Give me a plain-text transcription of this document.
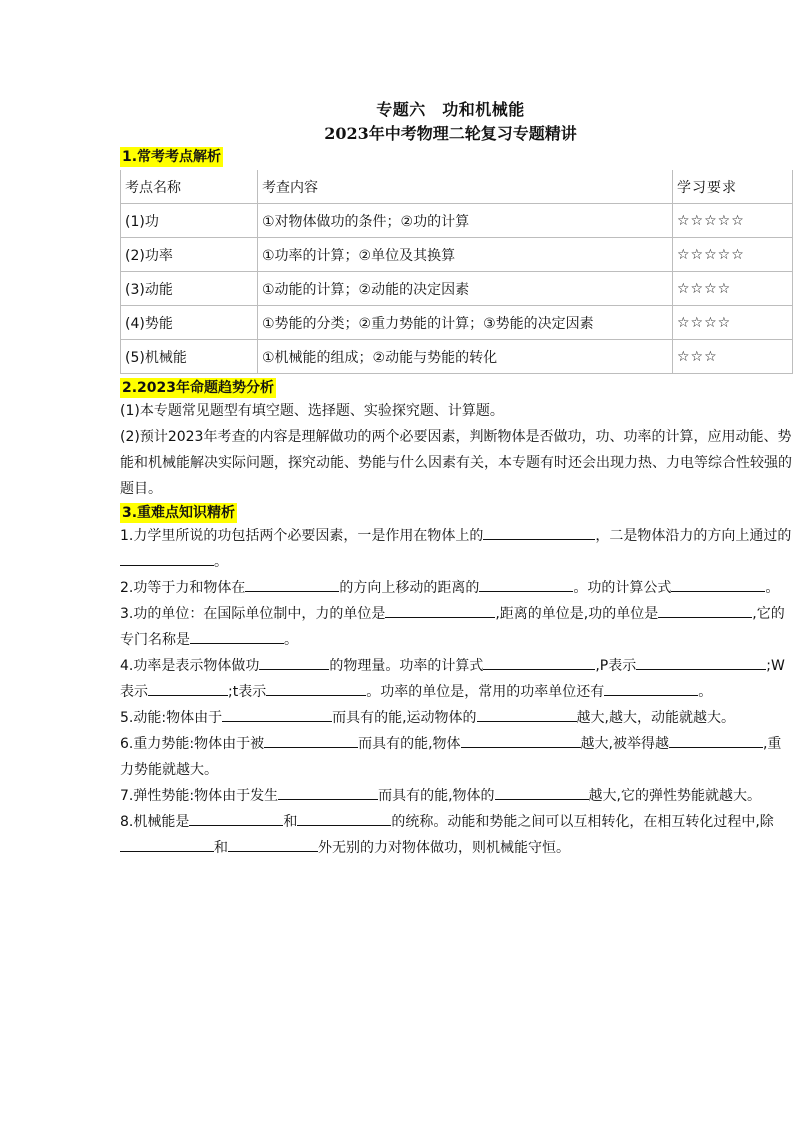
专题六　功和机械能
2023年中考物理二轮复习专题精讲
1.常考考点解析
考点名称	考查内容	学习要求
(1)功	①对物体做功的条件；②功的计算	☆☆☆☆☆
(2)功率	①功率的计算；②单位及其换算	☆☆☆☆☆
(3)动能	①动能的计算；②动能的决定因素	☆☆☆☆
(4)势能	①势能的分类；②重力势能的计算；③势能的决定因素	☆☆☆☆
(5)机械能	①机械能的组成；②动能与势能的转化	☆☆☆
2.2023年命题趋势分析

(1)本专题常见题型有填空题、选择题、实验探究题、计算题。

(2)预计2023年考查的内容是理解做功的两个必要因素，判断物体是否做功，功、功率的计算，应用动能、势能和机械能解决实际问题，探究动能、势能与什么因素有关，本专题有时还会出现力热、力电等综合性较强的题目。

3.重难点知识精析

1.力学里所说的功包括两个必要因素，一是作用在物体上的	，二是物体沿力的方向上通过的。

2.功等于力和物体在	的方向上移动的距离的	。功的计算公式	。

3.功的单位：在国际单位制中，力的单位是	,距离的单位是,功的单位是	,它的专门名称是	。

4.功率是表示物体做功	的物理量。功率的计算式	,P表示	;W表示	;t表示	。功率的单位是，常用的功率单位还有	。

5.动能:物体由于	而具有的能,运动物体的	越大,越大，动能就越大。

6.重力势能:物体由于被	而具有的能,物体	越大,被举得越	,重力势能就越大。

7.弹性势能:物体由于发生	而具有的能,物体的	越大,它的弹性势能就越大。

8.机械能是	和	的统称。动能和势能之间可以互相转化，在相互转化过程中,除和	外无别的力对物体做功，则机械能守恒。
